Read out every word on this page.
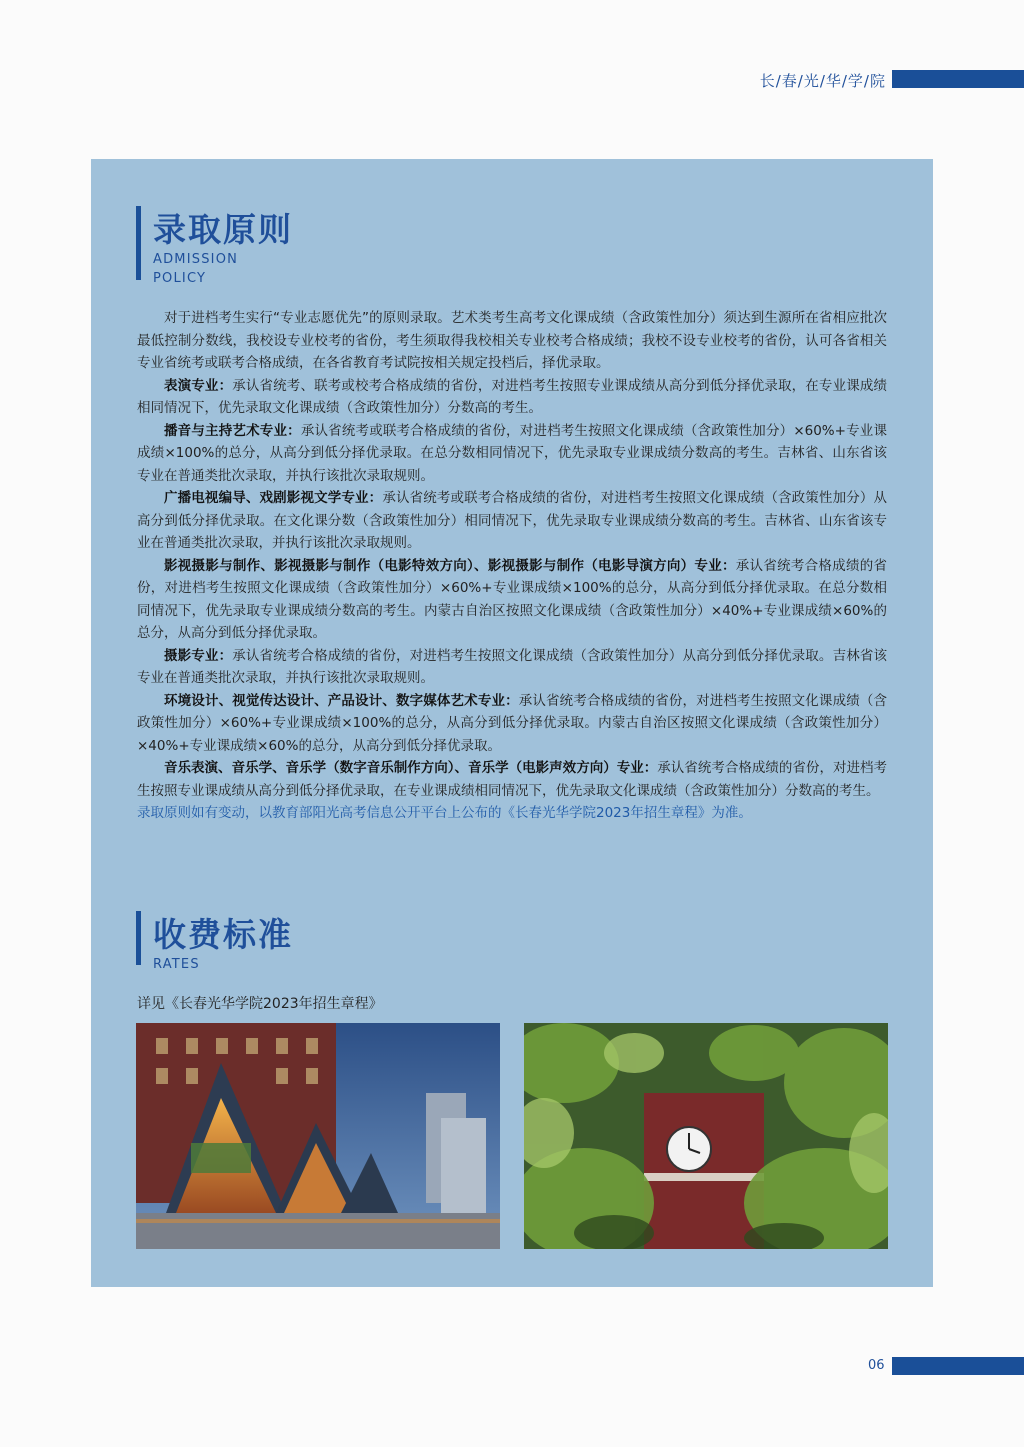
长/春/光/华/学/院
录取原则
ADMISSION
POLICY

对于进档考生实行“专业志愿优先”的原则录取。艺术类考生高考文化课成绩（含政策性加分）须达到生源所在省相应批次最低控制分数线，我校设专业校考的省份，考生须取得我校相关专业校考合格成绩；我校不设专业校考的省份，认可各省相关专业省统考或联考合格成绩，在各省教育考试院按相关规定投档后，择优录取。

表演专业：承认省统考、联考或校考合格成绩的省份，对进档考生按照专业课成绩从高分到低分择优录取，在专业课成绩相同情况下，优先录取文化课成绩（含政策性加分）分数高的考生。

播音与主持艺术专业：承认省统考或联考合格成绩的省份，对进档考生按照文化课成绩（含政策性加分）×60%+专业课成绩×100%的总分，从高分到低分择优录取。在总分数相同情况下，优先录取专业课成绩分数高的考生。吉林省、山东省该专业在普通类批次录取，并执行该批次录取规则。

广播电视编导、戏剧影视文学专业：承认省统考或联考合格成绩的省份，对进档考生按照文化课成绩（含政策性加分）从高分到低分择优录取。在文化课分数（含政策性加分）相同情况下，优先录取专业课成绩分数高的考生。吉林省、山东省该专业在普通类批次录取，并执行该批次录取规则。

影视摄影与制作、影视摄影与制作（电影特效方向）、影视摄影与制作（电影导演方向）专业：承认省统考合格成绩的省份，对进档考生按照文化课成绩（含政策性加分）×60%+专业课成绩×100%的总分，从高分到低分择优录取。在总分数相同情况下，优先录取专业课成绩分数高的考生。内蒙古自治区按照文化课成绩（含政策性加分）×40%+专业课成绩×60%的总分，从高分到低分择优录取。

摄影专业：承认省统考合格成绩的省份，对进档考生按照文化课成绩（含政策性加分）从高分到低分择优录取。吉林省该专业在普通类批次录取，并执行该批次录取规则。

环境设计、视觉传达设计、产品设计、数字媒体艺术专业：承认省统考合格成绩的省份，对进档考生按照文化课成绩（含政策性加分）×60%+专业课成绩×100%的总分，从高分到低分择优录取。内蒙古自治区按照文化课成绩（含政策性加分）×40%+专业课成绩×60%的总分，从高分到低分择优录取。

音乐表演、音乐学、音乐学（数字音乐制作方向）、音乐学（电影声效方向）专业：承认省统考合格成绩的省份，对进档考生按照专业课成绩从高分到低分择优录取，在专业课成绩相同情况下，优先录取文化课成绩（含政策性加分）分数高的考生。

录取原则如有变动，以教育部阳光高考信息公开平台上公布的《长春光华学院2023年招生章程》为准。

收费标准
RATES
详见《长春光华学院2023年招生章程》
06
